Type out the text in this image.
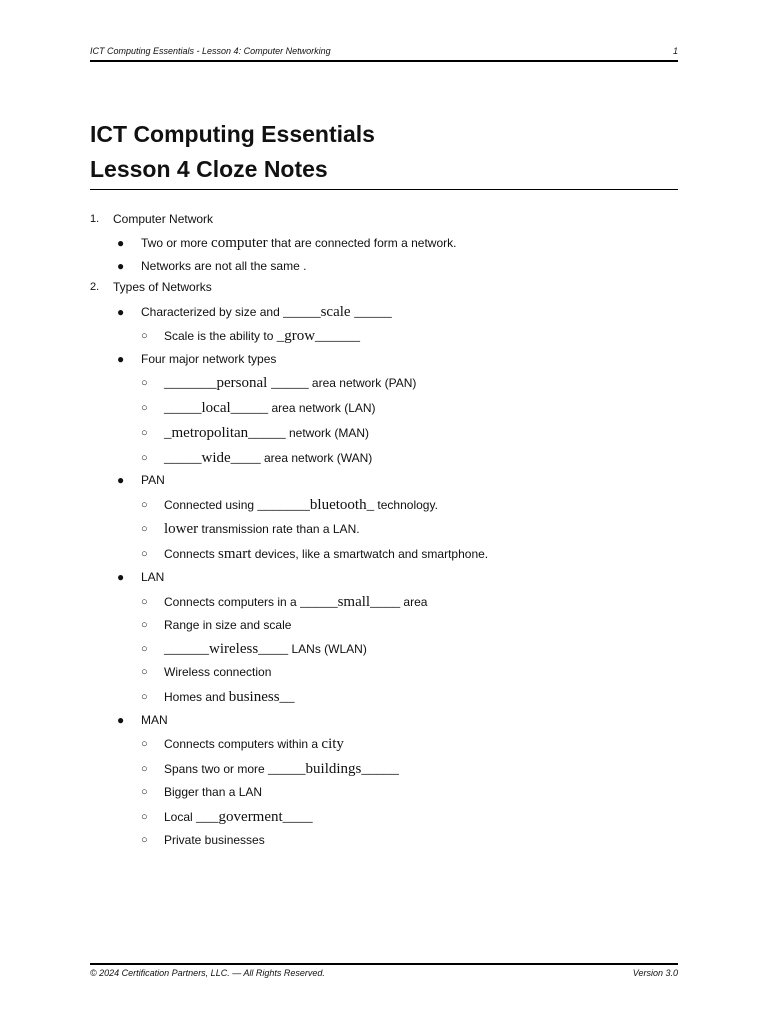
ICT Computing Essentials - Lesson 4: Computer Networking	1
ICT Computing Essentials
Lesson 4 Cloze Notes
1. Computer Network
● Two or more computer that are connected form a network.
● Networks are not all the same .
2. Types of Networks
● Characterized by size and _____scale _____
○ Scale is the ability to _grow______
● Four major network types
○ _______personal _____ area network (PAN)
○ _____local_____ area network (LAN)
○ _metropolitan_____ network (MAN)
○ _____wide____ area network (WAN)
● PAN
○ Connected using _______bluetooth_ technology.
○ lower transmission rate than a LAN.
○ Connects smart devices, like a smartwatch and smartphone.
● LAN
○ Connects computers in a _____small____ area
○ Range in size and scale
○ ______wireless____ LANs (WLAN)
○ Wireless connection
○ Homes and business__
● MAN
○ Connects computers within a city
○ Spans two or more _____buildings_____
○ Bigger than a LAN
○ Local ___goverment____
○ Private businesses
© 2024 Certification Partners, LLC. — All Rights Reserved.	Version 3.0
